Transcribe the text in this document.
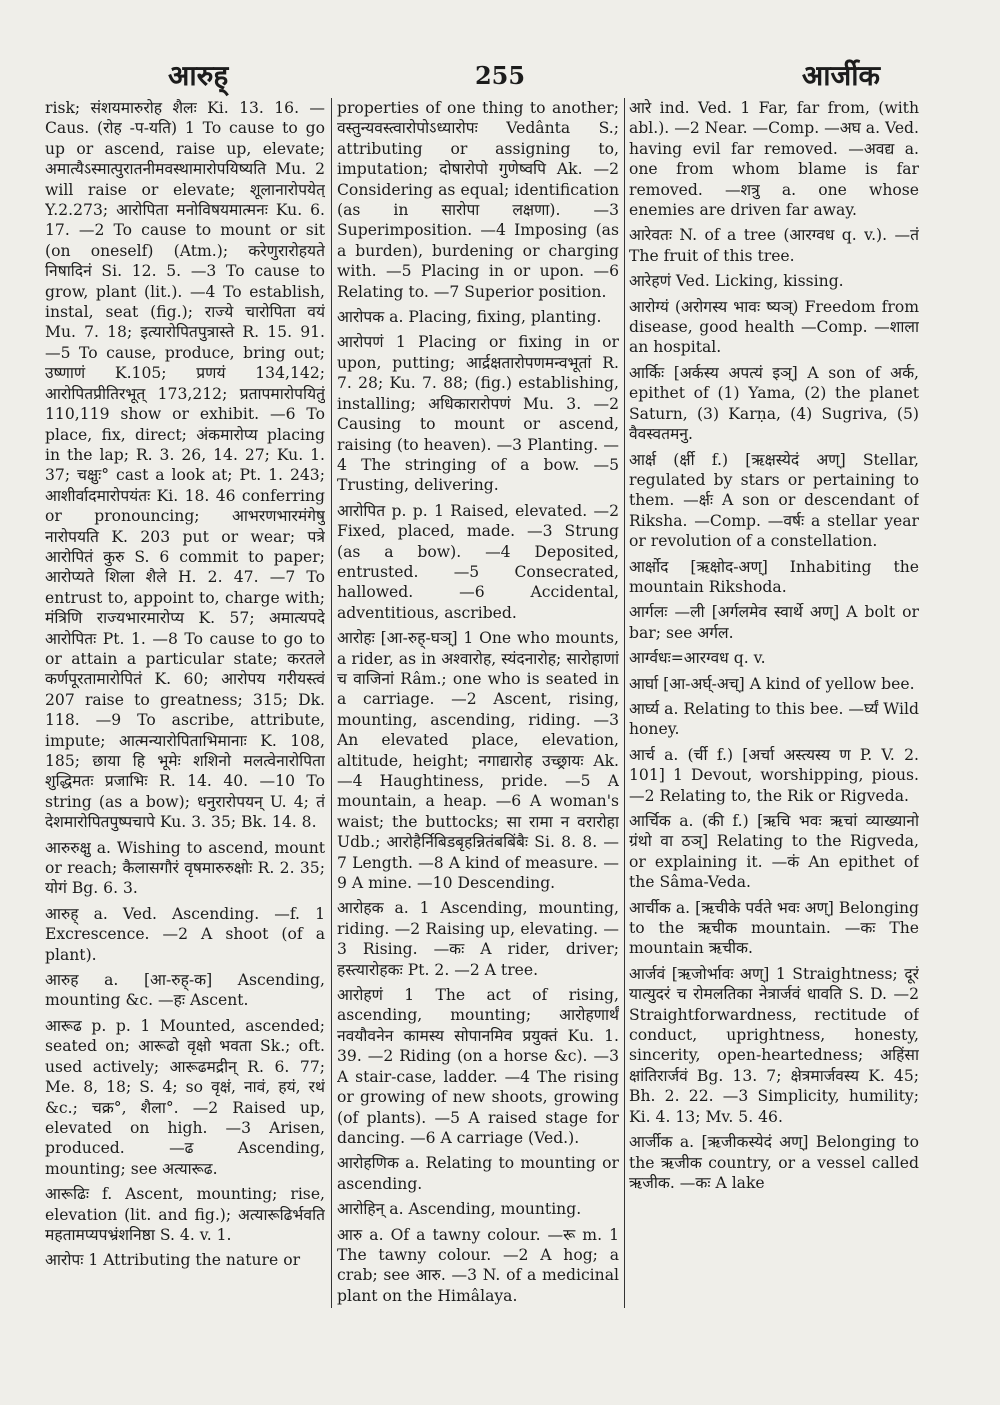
आरुह्	255	आर्जीक

risk; संशयमारुरोह शैलः Ki. 13. 16. —Caus. (रोह -प-यति) 1 To cause to go up or ascend, raise up, elevate; अमात्यैऽस्मात्पुरातनीमवस्थामारोपयिष्यति Mu. 2 will raise or elevate; शूलानारोपयेत् Y.2.273; आरोपिता मनोविषयमात्मनः Ku. 6. 17. —2 To cause to mount or sit (on oneself) (Atm.); करेणुरारोहयते निषादिनं Si. 12. 5. —3 To cause to grow, plant (lit.). —4 To establish, instal, seat (fig.); राज्ये चारोपिता वयं Mu. 7. 18; इत्यारोपितपुत्रास्ते R. 15. 91. —5 To cause, produce, bring out; उष्णाणं K.105; प्रणयं 134,142; आरोपितप्रीतिरभूत् 173,212; प्रतापमारोपयितुं 110,119 show or exhibit. —6 To place, fix, direct; अंकमारोप्य placing in the lap; R. 3. 26, 14. 27; Ku. 1. 37; चक्षुः° cast a look at; Pt. 1. 243; आशीर्वादमारोपयंतः Ki. 18. 46 conferring or pronouncing; आभरणभारमंगेषु नारोपयति K. 203 put or wear; पत्रे आरोपितं कुरु S. 6 commit to paper; आरोप्यते शिला शैले H. 2. 47. —7 To entrust to, appoint to, charge with; मंत्रिणि राज्यभारमारोप्य K. 57; अमात्यपदे आरोपितः Pt. 1. —8 To cause to go to or attain a particular state; करतले कर्णपूरतामारोपितं K. 60; आरोपय गरीयस्त्वं 207 raise to greatness; 315; Dk. 118. —9 To ascribe, attribute, impute; आत्मन्यारोपिताभिमानाः K. 108, 185; छाया हि भूमेः शशिनो मलत्वेनारोपिता शुद्धिमतः प्रजाभिः R. 14. 40. —10 To string (as a bow); धनुरारोपयन् U. 4; तं देशमारोपितपुष्पचापे Ku. 3. 35; Bk. 14. 8.

आरुरुक्षु a. Wishing to ascend, mount or reach; कैलासगौरं वृषमारुरुक्षोः R. 2. 35; योगं Bg. 6. 3.

आरुह् a. Ved. Ascending. —f. 1 Excrescence. —2 A shoot (of a plant).

आरुह a. [आ-रुह्-क] Ascending, mounting &c. —हः Ascent.

आरूढ p. p. 1 Mounted, ascended; seated on; आरूढो वृक्षो भवता Sk.; oft. used actively; आरूढमद्रीन् R. 6. 77; Me. 8, 18; S. 4; so वृक्षं, नावं, हयं, रथं &c.; चक्र°, शैला°. —2 Raised up, elevated on high. —3 Arisen, produced. —ढ Ascending, mounting; see अत्यारूढ.

आरूढिः f. Ascent, mounting; rise, elevation (lit. and fig.); अत्यारूढिर्भवति महतामप्यपभ्रंशनिष्ठा S. 4. v. 1.

आरोपः 1 Attributing the nature or

properties of one thing to another; वस्तुन्यवस्त्वारोपोऽध्यारोपः Vedânta S.; attributing or assigning to, imputation; दोषारोपो गुणेष्वपि Ak. —2 Considering as equal; identification (as in सारोपा लक्षणा). —3 Superimposition. —4 Imposing (as a burden), burdening or charging with. —5 Placing in or upon. —6 Relating to. —7 Superior position.

आरोपक a. Placing, fixing, planting.

आरोपणं 1 Placing or fixing in or upon, putting; आर्द्रक्षतारोपणमन्वभूतां R. 7. 28; Ku. 7. 88; (fig.) establishing, installing; अधिकारारोपणं Mu. 3. —2 Causing to mount or ascend, raising (to heaven). —3 Planting. —4 The stringing of a bow. —5 Trusting, delivering.

आरोपित p. p. 1 Raised, elevated. —2 Fixed, placed, made. —3 Strung (as a bow). —4 Deposited, entrusted. —5 Consecrated, hallowed. —6 Accidental, adventitious, ascribed.

आरोहः [आ-रुह्-घञ्] 1 One who mounts, a rider, as in अश्वारोह, स्यंदनारोह; सारोहाणां च वाजिनां Râm.; one who is seated in a carriage. —2 Ascent, rising, mounting, ascending, riding. —3 An elevated place, elevation, altitude, height; नगाद्यारोह उच्छ्रायः Ak. —4 Haughtiness, pride. —5 A mountain, a heap. —6 A woman's waist; the buttocks; सा रामा न वरारोहा Udb.; आरोहैर्निबिडबृहन्नितंबबिंबैः Si. 8. 8. —7 Length. —8 A kind of measure. —9 A mine. —10 Descending.

आरोहक a. 1 Ascending, mounting, riding. —2 Raising up, elevating. —3 Rising. —कः A rider, driver; हस्त्यारोहकः Pt. 2. —2 A tree.

आरोहणं 1 The act of rising, ascending, mounting; आरोहणार्थं नवयौवनेन कामस्य सोपानमिव प्रयुक्तं Ku. 1. 39. —2 Riding (on a horse &c). —3 A stair-case, ladder. —4 The rising or growing of new shoots, growing (of plants). —5 A raised stage for dancing. —6 A carriage (Ved.).

आरोहणिक a. Relating to mounting or ascending.

आरोहिन् a. Ascending, mounting.

आरु a. Of a tawny colour. —रू m. 1 The tawny colour. —2 A hog; a crab; see आरु. —3 N. of a medicinal plant on the Himâlaya.

आरे ind. Ved. 1 Far, far from, (with abl.). —2 Near. —Comp. —अघ a. Ved. having evil far removed. —अवद्य a. one from whom blame is far removed. —शत्रु a. one whose enemies are driven far away.

आरेवतः N. of a tree (आरग्वध q. v.). —तं The fruit of this tree.

आरेहणं Ved. Licking, kissing.

आरोग्यं (अरोगस्य भावः ष्यञ्) Freedom from disease, good health —Comp. —शाला an hospital.

आर्किः [अर्कस्य अपत्यं इञ्] A son of अर्क, epithet of (1) Yama, (2) the planet Saturn, (3) Karṇa, (4) Sugriva, (5) वैवस्वतमनु.

आर्क्ष (र्क्षी f.) [ऋक्षस्येदं अण्] Stellar, regulated by stars or pertaining to them. —र्क्षः A son or descendant of Riksha. —Comp. —वर्षः a stellar year or revolution of a constellation.

आर्क्षोद [ऋक्षोद-अण्] Inhabiting the mountain Rikshoda.

आर्गलः —ली [अर्गलमेव स्वार्थे अण्] A bolt or bar; see अर्गल.

आर्ग्वधः=आरग्वध q. v.

आर्घा [आ-अर्घ्-अच्] A kind of yellow bee.

आर्घ्य a. Relating to this bee. —र्घ्यं Wild honey.

आर्च a. (र्ची f.) [अर्चा अस्त्यस्य ण P. V. 2. 101] 1 Devout, worshipping, pious. —2 Relating to, the Rik or Rigveda.

आर्चिक a. (की f.) [ऋचि भवः ऋचां व्याख्यानो ग्रंथो वा ठञ्] Relating to the Rigveda, or explaining it. —कं An epithet of the Sâma-Veda.

आर्चीक a. [ऋचीके पर्वते भवः अण्] Belonging to the ऋचीक mountain. —कः The mountain ऋचीक.

आर्जवं [ऋजोर्भावः अण्] 1 Straightness; दूरं यात्युदरं च रोमलतिका नेत्रार्जवं धावति S. D. —2 Straightforwardness, rectitude of conduct, uprightness, honesty, sincerity, open-heartedness; अहिंसा क्षांतिरार्जवं Bg. 13. 7; क्षेत्रमार्जवस्य K. 45; Bh. 2. 22. —3 Simplicity, humility; Ki. 4. 13; Mv. 5. 46.

आर्जीक a. [ऋजीकस्येदं अण्] Belonging to the ऋजीक country, or a vessel called ऋजीक. —कः A lake
